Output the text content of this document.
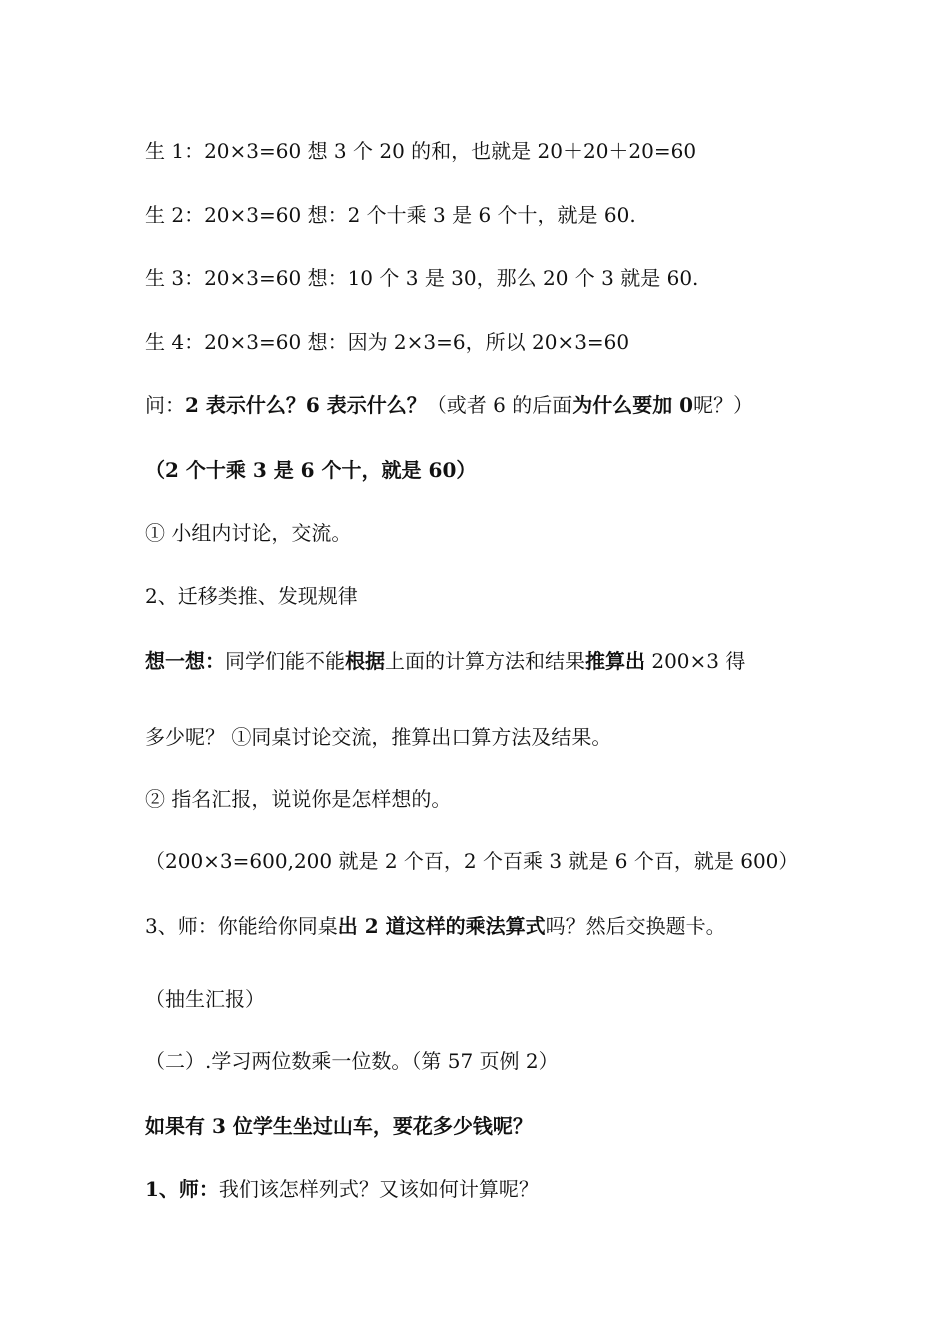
生 1：20×3=60 想 3 个 20 的和，也就是 20＋20＋20=60
生 2：20×3=60 想：2 个十乘 3 是 6 个十，就是 60.
生 3：20×3=60 想：10 个 3 是 30，那么 20 个 3 就是 60.
生 4：20×3=60 想：因为 2×3=6，所以 20×3=60
问：2 表示什么？6 表示什么？（或者 6 的后面为什么要加 0呢？）
（2 个十乘 3 是 6 个十，就是 60）
① 小组内讨论，交流。
2、迁移类推、发现规律
想一想：同学们能不能根据上面的计算方法和结果推算出 200×3 得
多少呢？ ①同桌讨论交流，推算出口算方法及结果。
② 指名汇报，说说你是怎样想的。
（200×3=600,200 就是 2 个百，2 个百乘 3 就是 6 个百，就是 600）
3、师：你能给你同桌出 2 道这样的乘法算式吗？然后交换题卡。
（抽生汇报）
（二）.学习两位数乘一位数。（第 57 页例 2）
如果有 3 位学生坐过山车，要花多少钱呢？
1、师：我们该怎样列式？又该如何计算呢？
